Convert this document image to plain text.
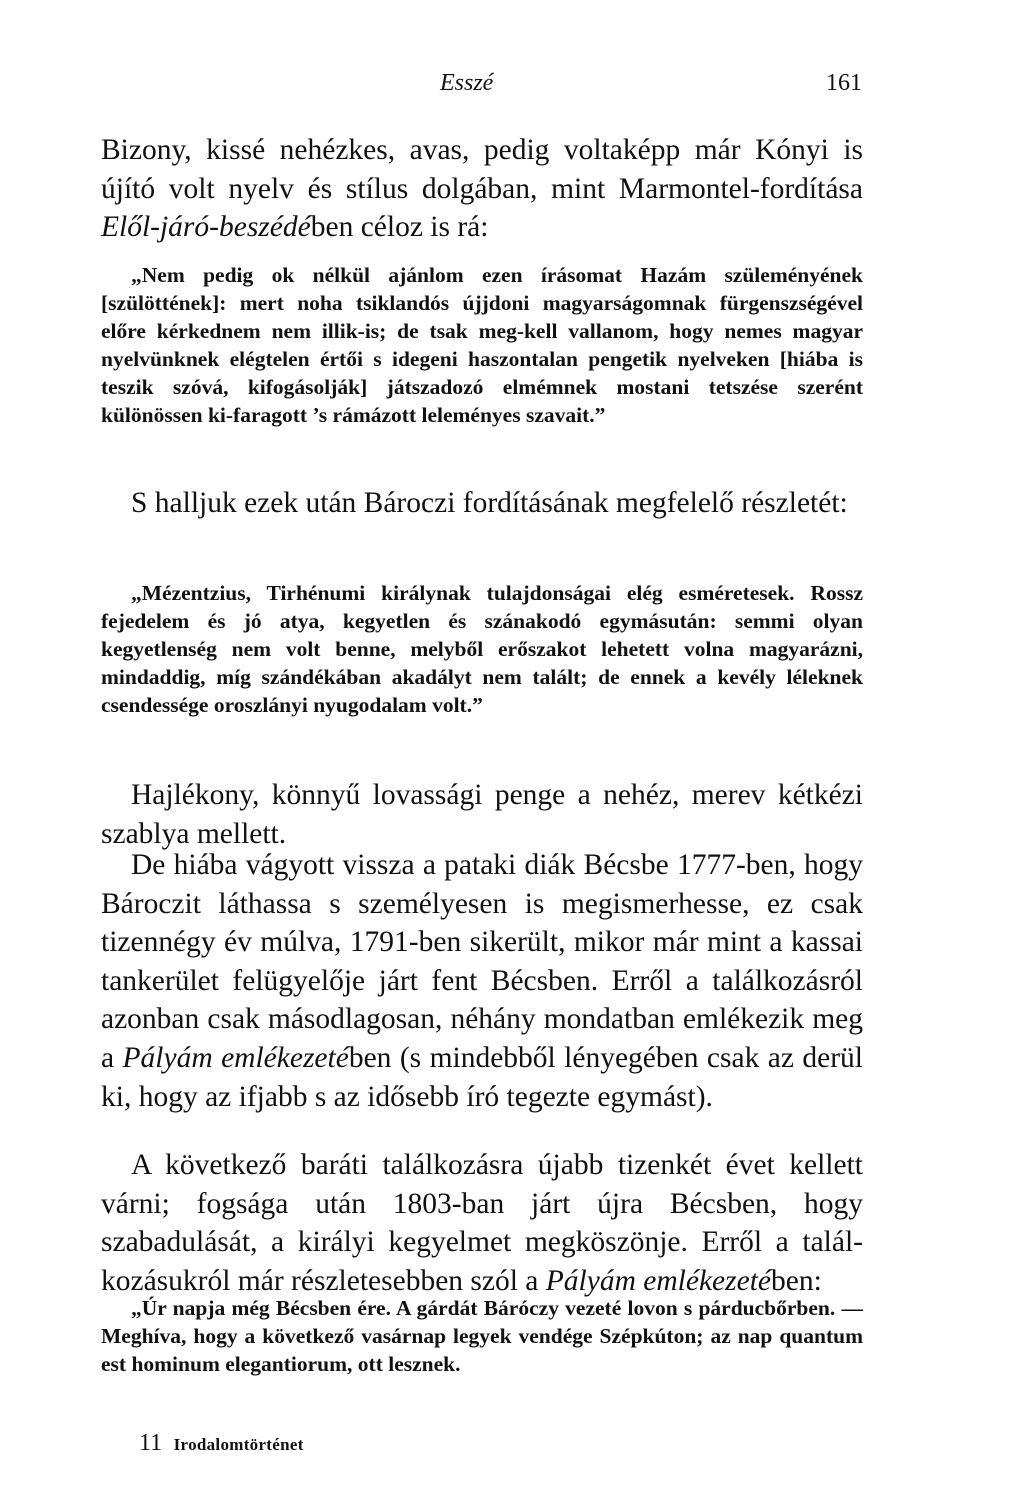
Esszé	161

Bizony, kissé nehézkes, avas, pedig voltaképp már Kónyi is újító volt nyelv és stílus dolgában, mint Marmontel-fordítása Elől-járó-beszédében céloz is rá:

„Nem pedig ok nélkül ajánlom ezen írásomat Hazám szüleményének [szülöttének]: mert noha tsiklandós újjdoni magyarságomnak fürgenszségével előre kérkednem nem illik-is; de tsak meg-kell vallanom, hogy nemes magyar nyelvünknek elégtelen értői s idegeni haszontalan pengetik nyelveken [hiába is teszik szóvá, kifogásolják] játszadozó elmémnek mostani tetszése szerént különössen ki-faragott ’s rámázott leleményes szavait.”

S halljuk ezek után Bároczi fordításának megfelelő részletét:

„Mézentzius, Tirhénumi királynak tulajdonságai elég esméretesek. Rossz fejedelem és jó atya, kegyetlen és szánakodó egymásután: semmi olyan kegyetlenség nem volt benne, melyből erőszakot lehetett volna magyarázni, mindaddig, míg szándékában akadályt nem talált; de ennek a kevély léleknek csendessége oroszlányi nyugodalam volt.”

Hajlékony, könnyű lovassági penge a nehéz, merev kétkézi szablya mellett.

De hiába vágyott vissza a pataki diák Bécsbe 1777-ben, hogy Bároczit láthassa s személyesen is megismerhesse, ez csak tizennégy év múlva, 1791-ben sikerült, mikor már mint a kassai tankerület felügyelője járt fent Bécsben. Erről a találkozásról azonban csak másodlagosan, néhány mondatban emlékezik meg a Pályám emlékezetében (s mindebből lényegében csak az derül ki, hogy az ifjabb s az idősebb író tegezte egymást).

A következő baráti találkozásra újabb tizenkét évet kellett várni; fogsága után 1803-ban járt újra Bécsben, hogy szabadulását, a királyi kegyelmet megköszönje. Erről a találkozásukról már részletesebben szól a Pályám emlékezetében:

„Úr napja még Bécsben ére. A gárdát Báróczy vezeté lovon s párducbőrben. — Meghíva, hogy a következő vasárnap legyek vendége Szépkúton; az nap quantum est hominum elegantiorum, ott lesznek.

11 Irodalomtörténet
